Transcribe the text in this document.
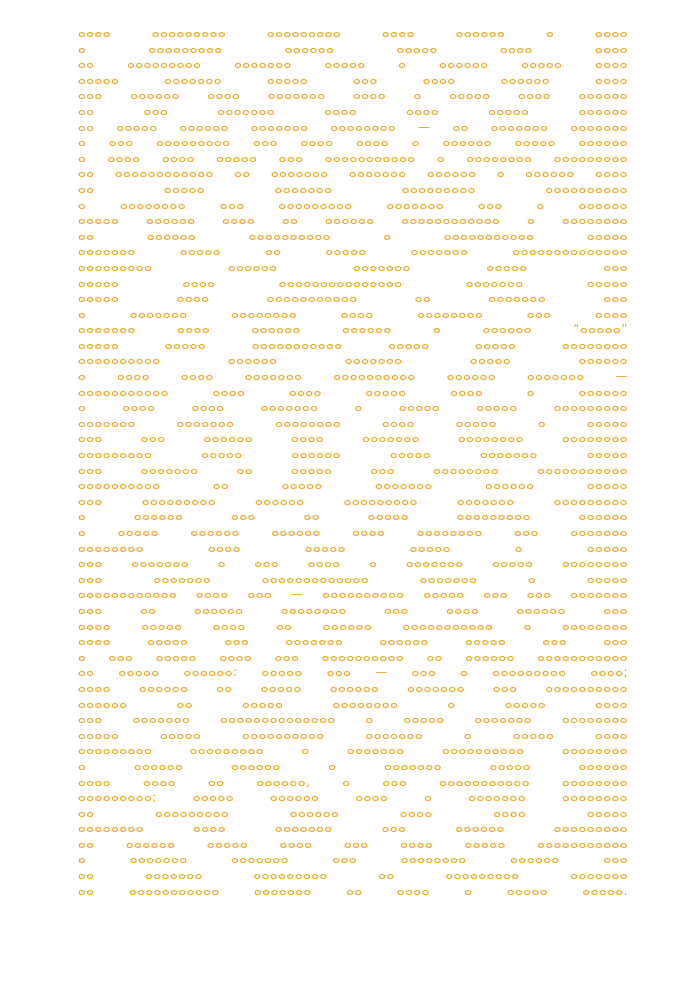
ⴰⴰⴰⴰ ⴰⴰⴰⴰⴰⴰⴰⴰⴰ ⴰⴰⴰⴰⴰⴰⴰⴰⴰ ⴰⴰⴰⴰ ⴰⴰⴰⴰⴰⴰ ⴰ ⴰⴰⴰⴰ
ⴰ ⴰⴰⴰⴰⴰⴰⴰⴰⴰ ⴰⴰⴰⴰⴰⴰ ⴰⴰⴰⴰⴰ ⴰⴰⴰⴰ ⴰⴰⴰⴰ
ⴰⴰ ⴰⴰⴰⴰⴰⴰⴰⴰⴰ ⴰⴰⴰⴰⴰⴰⴰ ⴰⴰⴰⴰⴰ ⴰ ⴰⴰⴰⴰⴰⴰ ⴰⴰⴰⴰⴰ ⴰⴰⴰⴰ
ⴰⴰⴰⴰⴰ ⴰⴰⴰⴰⴰⴰⴰ ⴰⴰⴰⴰⴰ ⴰⴰⴰ ⴰⴰⴰⴰ ⴰⴰⴰⴰⴰⴰ ⴰⴰⴰⴰ
ⴰⴰⴰ ⴰⴰⴰⴰⴰⴰ ⴰⴰⴰⴰ ⴰⴰⴰⴰⴰⴰⴰ ⴰⴰⴰⴰ ⴰ ⴰⴰⴰⴰⴰ ⴰⴰⴰⴰ ⴰⴰⴰⴰⴰⴰ
ⴰⴰ ⴰⴰⴰ ⴰⴰⴰⴰⴰⴰⴰ ⴰⴰⴰⴰ ⴰⴰⴰⴰ ⴰⴰⴰⴰⴰ ⴰⴰⴰⴰⴰⴰ
ⴰⴰ ⴰⴰⴰⴰⴰ ⴰⴰⴰⴰⴰⴰ ⴰⴰⴰⴰⴰⴰⴰ ⴰⴰⴰⴰⴰⴰⴰⴰ — ⴰⴰ ⴰⴰⴰⴰⴰⴰⴰ ⴰⴰⴰⴰⴰⴰⴰ
ⴰ ⴰⴰⴰ ⴰⴰⴰⴰⴰⴰⴰⴰⴰ ⴰⴰⴰ ⴰⴰⴰⴰ ⴰⴰⴰⴰ ⴰ ⴰⴰⴰⴰⴰⴰ ⴰⴰⴰⴰⴰ ⴰⴰⴰⴰⴰⴰ
ⴰ ⴰⴰⴰⴰ ⴰⴰⴰⴰ ⴰⴰⴰⴰⴰ ⴰⴰⴰ ⴰⴰⴰⴰⴰⴰⴰⴰⴰⴰⴰ ⴰ ⴰⴰⴰⴰⴰⴰⴰⴰ ⴰⴰⴰⴰⴰⴰⴰⴰⴰ
ⴰⴰ ⴰⴰⴰⴰⴰⴰⴰⴰⴰⴰⴰⴰ ⴰⴰ ⴰⴰⴰⴰⴰⴰⴰ ⴰⴰⴰⴰⴰⴰⴰ ⴰⴰⴰⴰⴰⴰ ⴰ ⴰⴰⴰⴰⴰⴰ ⴰⴰⴰⴰ
ⴰⴰ ⴰⴰⴰⴰⴰ ⴰⴰⴰⴰⴰⴰⴰ ⴰⴰⴰⴰⴰⴰⴰⴰⴰ ⴰⴰⴰⴰⴰⴰⴰⴰⴰⴰ
ⴰ ⴰⴰⴰⴰⴰⴰⴰⴰ ⴰⴰⴰ ⴰⴰⴰⴰⴰⴰⴰⴰⴰ ⴰⴰⴰⴰⴰⴰⴰ ⴰⴰⴰ ⴰ ⴰⴰⴰⴰⴰⴰ
ⴰⴰⴰⴰⴰ ⴰⴰⴰⴰⴰⴰ ⴰⴰⴰⴰ ⴰⴰ ⴰⴰⴰⴰⴰⴰ ⴰⴰⴰⴰⴰⴰⴰⴰⴰⴰⴰⴰ ⴰ ⴰⴰⴰⴰⴰⴰⴰⴰ
ⴰⴰ ⴰⴰⴰⴰⴰⴰ ⴰⴰⴰⴰⴰⴰⴰⴰⴰⴰ ⴰ ⴰⴰⴰⴰⴰⴰⴰⴰⴰⴰⴰ ⴰⴰⴰⴰⴰ
ⴰⴰⴰⴰⴰⴰⴰ ⴰⴰⴰⴰⴰ ⴰⴰ ⴰⴰⴰⴰⴰ ⴰⴰⴰⴰⴰⴰⴰ ⴰⴰⴰⴰⴰⴰⴰⴰⴰⴰⴰⴰⴰⴰ
ⴰⴰⴰⴰⴰⴰⴰⴰⴰ ⴰⴰⴰⴰⴰⴰ ⴰⴰⴰⴰⴰⴰⴰ ⴰⴰⴰⴰⴰ ⴰⴰⴰ
ⴰⴰⴰⴰⴰ ⴰⴰⴰⴰ ⴰⴰⴰⴰⴰⴰⴰⴰⴰⴰⴰⴰⴰⴰⴰ ⴰⴰⴰⴰⴰⴰⴰ ⴰⴰⴰⴰⴰ
ⴰⴰⴰⴰⴰ ⴰⴰⴰⴰ ⴰⴰⴰⴰⴰⴰⴰⴰⴰⴰⴰ ⴰⴰ ⴰⴰⴰⴰⴰⴰⴰ ⴰⴰⴰ
ⴰ ⴰⴰⴰⴰⴰⴰⴰ ⴰⴰⴰⴰⴰⴰⴰⴰ ⴰⴰⴰⴰ ⴰⴰⴰⴰⴰⴰⴰⴰ ⴰⴰⴰ ⴰⴰⴰⴰ
ⴰⴰⴰⴰⴰⴰⴰ ⴰⴰⴰⴰ ⴰⴰⴰⴰⴰⴰ ⴰⴰⴰⴰⴰⴰ ⴰ ⴰⴰⴰⴰⴰⴰ “ⴰⴰⴰⴰⴰ”
ⴰⴰⴰⴰⴰ ⴰⴰⴰⴰⴰ ⴰⴰⴰⴰⴰⴰⴰⴰⴰⴰⴰ ⴰⴰⴰⴰⴰ ⴰⴰⴰⴰⴰ ⴰⴰⴰⴰⴰⴰⴰⴰ
ⴰⴰⴰⴰⴰⴰⴰⴰⴰⴰ ⴰⴰⴰⴰⴰⴰ ⴰⴰⴰⴰⴰⴰⴰ ⴰⴰⴰⴰⴰ ⴰⴰⴰⴰⴰⴰ
ⴰ ⴰⴰⴰⴰ ⴰⴰⴰⴰ ⴰⴰⴰⴰⴰⴰⴰ ⴰⴰⴰⴰⴰⴰⴰⴰⴰⴰ ⴰⴰⴰⴰⴰⴰ ⴰⴰⴰⴰⴰⴰⴰ —
ⴰⴰⴰⴰⴰⴰⴰⴰⴰⴰⴰ ⴰⴰⴰⴰ ⴰⴰⴰⴰ ⴰⴰⴰⴰⴰ ⴰⴰⴰⴰ ⴰ ⴰⴰⴰⴰⴰⴰ
ⴰ ⴰⴰⴰⴰ ⴰⴰⴰⴰ ⴰⴰⴰⴰⴰⴰⴰ ⴰ ⴰⴰⴰⴰⴰ ⴰⴰⴰⴰⴰ ⴰⴰⴰⴰⴰⴰⴰⴰⴰ
ⴰⴰⴰⴰⴰⴰⴰ ⴰⴰⴰⴰⴰⴰⴰ ⴰⴰⴰⴰⴰⴰⴰⴰ ⴰⴰⴰⴰ ⴰⴰⴰⴰⴰ ⴰ ⴰⴰⴰⴰⴰ
ⴰⴰⴰ ⴰⴰⴰ ⴰⴰⴰⴰⴰⴰ ⴰⴰⴰⴰ ⴰⴰⴰⴰⴰⴰⴰ ⴰⴰⴰⴰⴰⴰⴰⴰ ⴰⴰⴰⴰⴰⴰⴰⴰ
ⴰⴰⴰⴰⴰⴰⴰⴰⴰ ⴰⴰⴰⴰⴰ ⴰⴰⴰⴰⴰⴰ ⴰⴰⴰⴰⴰ ⴰⴰⴰⴰⴰⴰⴰ ⴰⴰⴰⴰⴰ
ⴰⴰⴰ ⴰⴰⴰⴰⴰⴰⴰ ⴰⴰ ⴰⴰⴰⴰⴰ ⴰⴰⴰ ⴰⴰⴰⴰⴰⴰⴰⴰ ⴰⴰⴰⴰⴰⴰⴰⴰⴰⴰⴰ
ⴰⴰⴰⴰⴰⴰⴰⴰⴰⴰ ⴰⴰ ⴰⴰⴰⴰⴰ ⴰⴰⴰⴰⴰⴰⴰ ⴰⴰⴰⴰⴰⴰ ⴰⴰⴰⴰⴰ
ⴰⴰⴰ ⴰⴰⴰⴰⴰⴰⴰⴰⴰ ⴰⴰⴰⴰⴰⴰ ⴰⴰⴰⴰⴰⴰⴰⴰⴰ ⴰⴰⴰⴰⴰⴰⴰ ⴰⴰⴰⴰⴰⴰⴰⴰⴰ
ⴰ ⴰⴰⴰⴰⴰⴰ ⴰⴰⴰ ⴰⴰ ⴰⴰⴰⴰⴰ ⴰⴰⴰⴰⴰⴰⴰⴰⴰ ⴰⴰⴰⴰⴰⴰ
ⴰ ⴰⴰⴰⴰⴰ ⴰⴰⴰⴰⴰⴰ ⴰⴰⴰⴰⴰⴰ ⴰⴰⴰⴰ ⴰⴰⴰⴰⴰⴰⴰⴰ ⴰⴰⴰ ⴰⴰⴰⴰⴰⴰⴰ
ⴰⴰⴰⴰⴰⴰⴰⴰ ⴰⴰⴰⴰ ⴰⴰⴰⴰⴰ ⴰⴰⴰⴰⴰ ⴰ ⴰⴰⴰⴰⴰ
ⴰⴰⴰ ⴰⴰⴰⴰⴰⴰⴰ ⴰ ⴰⴰⴰ ⴰⴰⴰⴰ ⴰ ⴰⴰⴰⴰⴰⴰⴰ ⴰⴰⴰⴰⴰ ⴰⴰⴰⴰⴰⴰⴰⴰ
ⴰⴰⴰ ⴰⴰⴰⴰⴰⴰⴰ ⴰⴰⴰⴰⴰⴰⴰⴰⴰⴰⴰⴰⴰ ⴰⴰⴰⴰⴰⴰⴰ ⴰ ⴰⴰⴰⴰⴰ
ⴰⴰⴰⴰⴰⴰⴰⴰⴰⴰⴰⴰ ⴰⴰⴰⴰ ⴰⴰⴰ — ⴰⴰⴰⴰⴰⴰⴰⴰⴰⴰ ⴰⴰⴰⴰⴰ ⴰⴰⴰ ⴰⴰⴰ ⴰⴰⴰⴰⴰⴰⴰ
ⴰⴰⴰ ⴰⴰ ⴰⴰⴰⴰⴰⴰ ⴰⴰⴰⴰⴰⴰⴰⴰ ⴰⴰⴰ ⴰⴰⴰⴰ ⴰⴰⴰⴰⴰⴰ ⴰⴰⴰ
ⴰⴰⴰⴰ ⴰⴰⴰⴰⴰ ⴰⴰⴰⴰ ⴰⴰ ⴰⴰⴰⴰⴰⴰ ⴰⴰⴰⴰⴰⴰⴰⴰⴰⴰⴰ ⴰ ⴰⴰⴰⴰⴰⴰⴰⴰ
ⴰⴰⴰⴰ ⴰⴰⴰⴰⴰ ⴰⴰⴰ ⴰⴰⴰⴰⴰⴰⴰ ⴰⴰⴰⴰⴰⴰ ⴰⴰⴰⴰⴰ ⴰⴰⴰ ⴰⴰⴰ
ⴰ ⴰⴰⴰ ⴰⴰⴰⴰⴰ ⴰⴰⴰⴰ ⴰⴰⴰ ⴰⴰⴰⴰⴰⴰⴰⴰⴰⴰ ⴰⴰ ⴰⴰⴰⴰⴰⴰ ⴰⴰⴰⴰⴰⴰⴰⴰⴰⴰⴰ
ⴰⴰ ⴰⴰⴰⴰⴰ ⴰⴰⴰⴰⴰⴰ: ⴰⴰⴰⴰⴰ ⴰⴰⴰ — ⴰⴰⴰ ⴰ ⴰⴰⴰⴰⴰⴰⴰⴰⴰ ⴰⴰⴰⴰ;
ⴰⴰⴰⴰ ⴰⴰⴰⴰⴰⴰ ⴰⴰ ⴰⴰⴰⴰⴰ ⴰⴰⴰⴰⴰⴰ ⴰⴰⴰⴰⴰⴰⴰ ⴰⴰⴰ ⴰⴰⴰⴰⴰⴰⴰⴰⴰⴰ
ⴰⴰⴰⴰⴰⴰ ⴰⴰ ⴰⴰⴰⴰⴰ ⴰⴰⴰⴰⴰⴰⴰⴰ ⴰ ⴰⴰⴰⴰⴰ ⴰⴰⴰⴰ
ⴰⴰⴰ ⴰⴰⴰⴰⴰⴰⴰ ⴰⴰⴰⴰⴰⴰⴰⴰⴰⴰⴰⴰⴰⴰ ⴰ ⴰⴰⴰⴰⴰ ⴰⴰⴰⴰⴰⴰⴰ ⴰⴰⴰⴰⴰⴰⴰⴰ
ⴰⴰⴰⴰⴰ ⴰⴰⴰⴰⴰ ⴰⴰⴰⴰⴰⴰⴰⴰⴰⴰ ⴰⴰⴰⴰⴰⴰⴰ ⴰ ⴰⴰⴰⴰⴰ ⴰⴰⴰⴰ
ⴰⴰⴰⴰⴰⴰⴰⴰⴰ ⴰⴰⴰⴰⴰⴰⴰⴰⴰ ⴰ ⴰⴰⴰⴰⴰⴰⴰ ⴰⴰⴰⴰⴰⴰⴰⴰⴰⴰ ⴰⴰⴰⴰⴰⴰⴰⴰ
ⴰ ⴰⴰⴰⴰⴰⴰ ⴰⴰⴰⴰⴰⴰ ⴰ ⴰⴰⴰⴰⴰⴰⴰ ⴰⴰⴰⴰⴰ ⴰⴰⴰⴰⴰⴰ
ⴰⴰⴰⴰ ⴰⴰⴰⴰ ⴰⴰ ⴰⴰⴰⴰⴰⴰ, ⴰ ⴰⴰⴰ ⴰⴰⴰⴰⴰⴰⴰⴰⴰⴰⴰ ⴰⴰⴰⴰⴰⴰⴰⴰ
ⴰⴰⴰⴰⴰⴰⴰⴰⴰ; ⴰⴰⴰⴰⴰ ⴰⴰⴰⴰⴰⴰ ⴰⴰⴰⴰ ⴰ ⴰⴰⴰⴰⴰⴰⴰ ⴰⴰⴰⴰⴰⴰⴰⴰ
ⴰⴰ ⴰⴰⴰⴰⴰⴰⴰⴰⴰ ⴰⴰⴰⴰⴰⴰ ⴰⴰⴰⴰ ⴰⴰⴰⴰ ⴰⴰⴰⴰⴰ
ⴰⴰⴰⴰⴰⴰⴰⴰ ⴰⴰⴰⴰ ⴰⴰⴰⴰⴰⴰⴰ ⴰⴰⴰ ⴰⴰⴰⴰⴰⴰ ⴰⴰⴰⴰⴰⴰⴰⴰⴰ
ⴰⴰ ⴰⴰⴰⴰⴰⴰ ⴰⴰⴰⴰⴰ ⴰⴰⴰⴰ ⴰⴰⴰ ⴰⴰⴰⴰ ⴰⴰⴰⴰⴰ ⴰⴰⴰⴰⴰⴰⴰⴰⴰⴰⴰ
ⴰ ⴰⴰⴰⴰⴰⴰⴰ ⴰⴰⴰⴰⴰⴰⴰ ⴰⴰⴰ ⴰⴰⴰⴰⴰⴰⴰⴰ ⴰⴰⴰⴰⴰⴰ ⴰⴰⴰ
ⴰⴰ ⴰⴰⴰⴰⴰⴰⴰ ⴰⴰⴰⴰⴰⴰⴰⴰⴰ ⴰⴰ ⴰⴰⴰⴰⴰⴰⴰⴰⴰ ⴰⴰⴰⴰⴰⴰⴰ
ⴰⴰ ⴰⴰⴰⴰⴰⴰⴰⴰⴰⴰⴰ ⴰⴰⴰⴰⴰⴰⴰ ⴰⴰ ⴰⴰⴰⴰ ⴰ ⴰⴰⴰⴰⴰ ⴰⴰⴰⴰⴰ.
